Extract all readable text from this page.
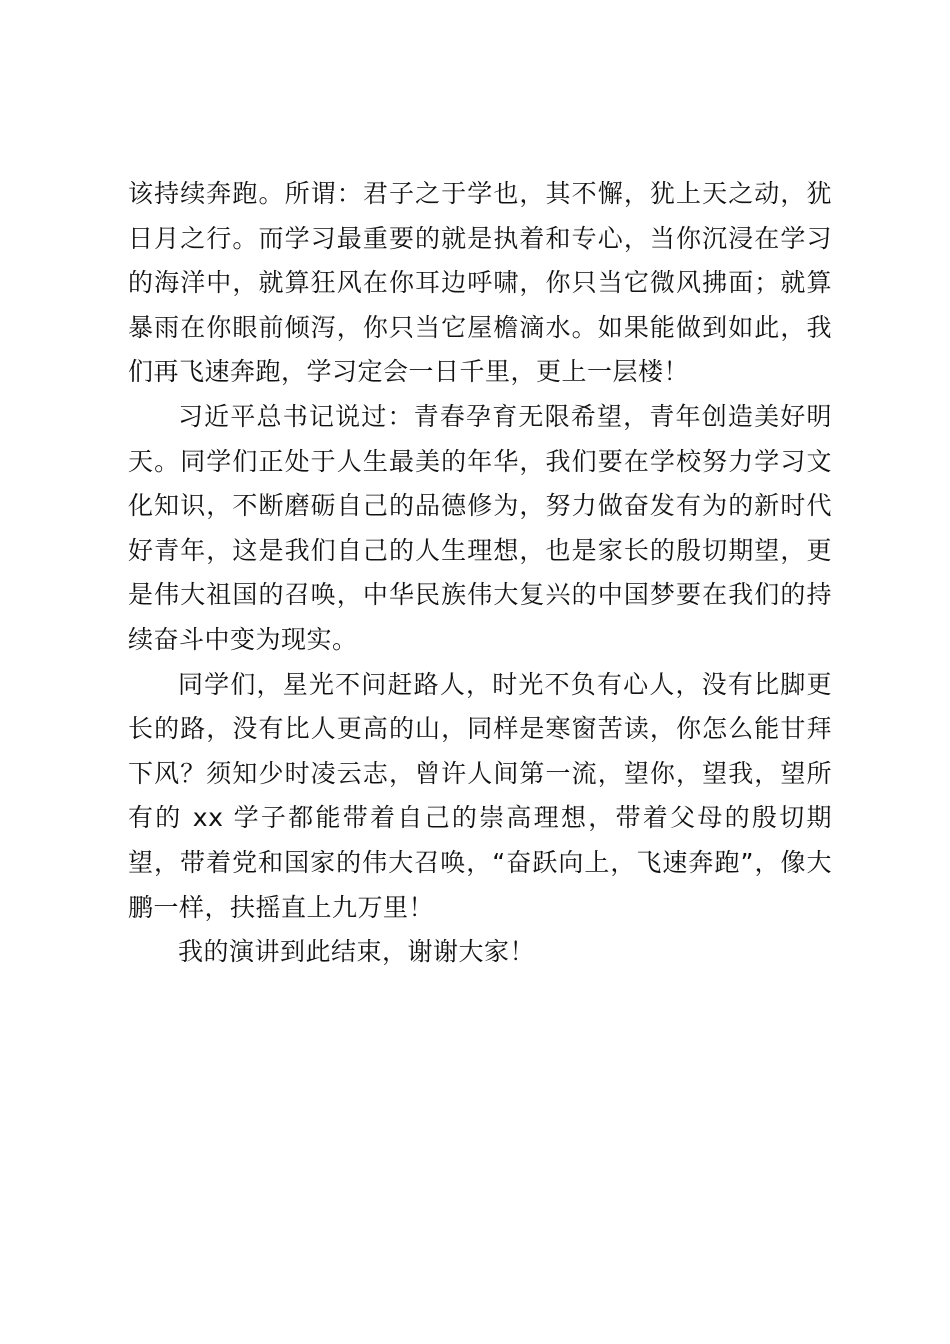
该持续奔跑。所谓：君子之于学也，其不懈，犹上天之动，犹日月之行。而学习最重要的就是执着和专心，当你沉浸在学习的海洋中，就算狂风在你耳边呼啸，你只当它微风拂面；就算暴雨在你眼前倾泻，你只当它屋檐滴水。如果能做到如此，我们再飞速奔跑，学习定会一日千里，更上一层楼！

习近平总书记说过：青春孕育无限希望，青年创造美好明天。同学们正处于人生最美的年华，我们要在学校努力学习文化知识，不断磨砺自己的品德修为，努力做奋发有为的新时代好青年，这是我们自己的人生理想，也是家长的殷切期望，更是伟大祖国的召唤，中华民族伟大复兴的中国梦要在我们的持续奋斗中变为现实。

同学们，星光不问赶路人，时光不负有心人，没有比脚更长的路，没有比人更高的山，同样是寒窗苦读，你怎么能甘拜下风？须知少时凌云志，曾许人间第一流，望你，望我，望所有的 xx 学子都能带着自己的崇高理想，带着父母的殷切期望，带着党和国家的伟大召唤，“奋跃向上，飞速奔跑”，像大鹏一样，扶摇直上九万里！

我的演讲到此结束，谢谢大家！
